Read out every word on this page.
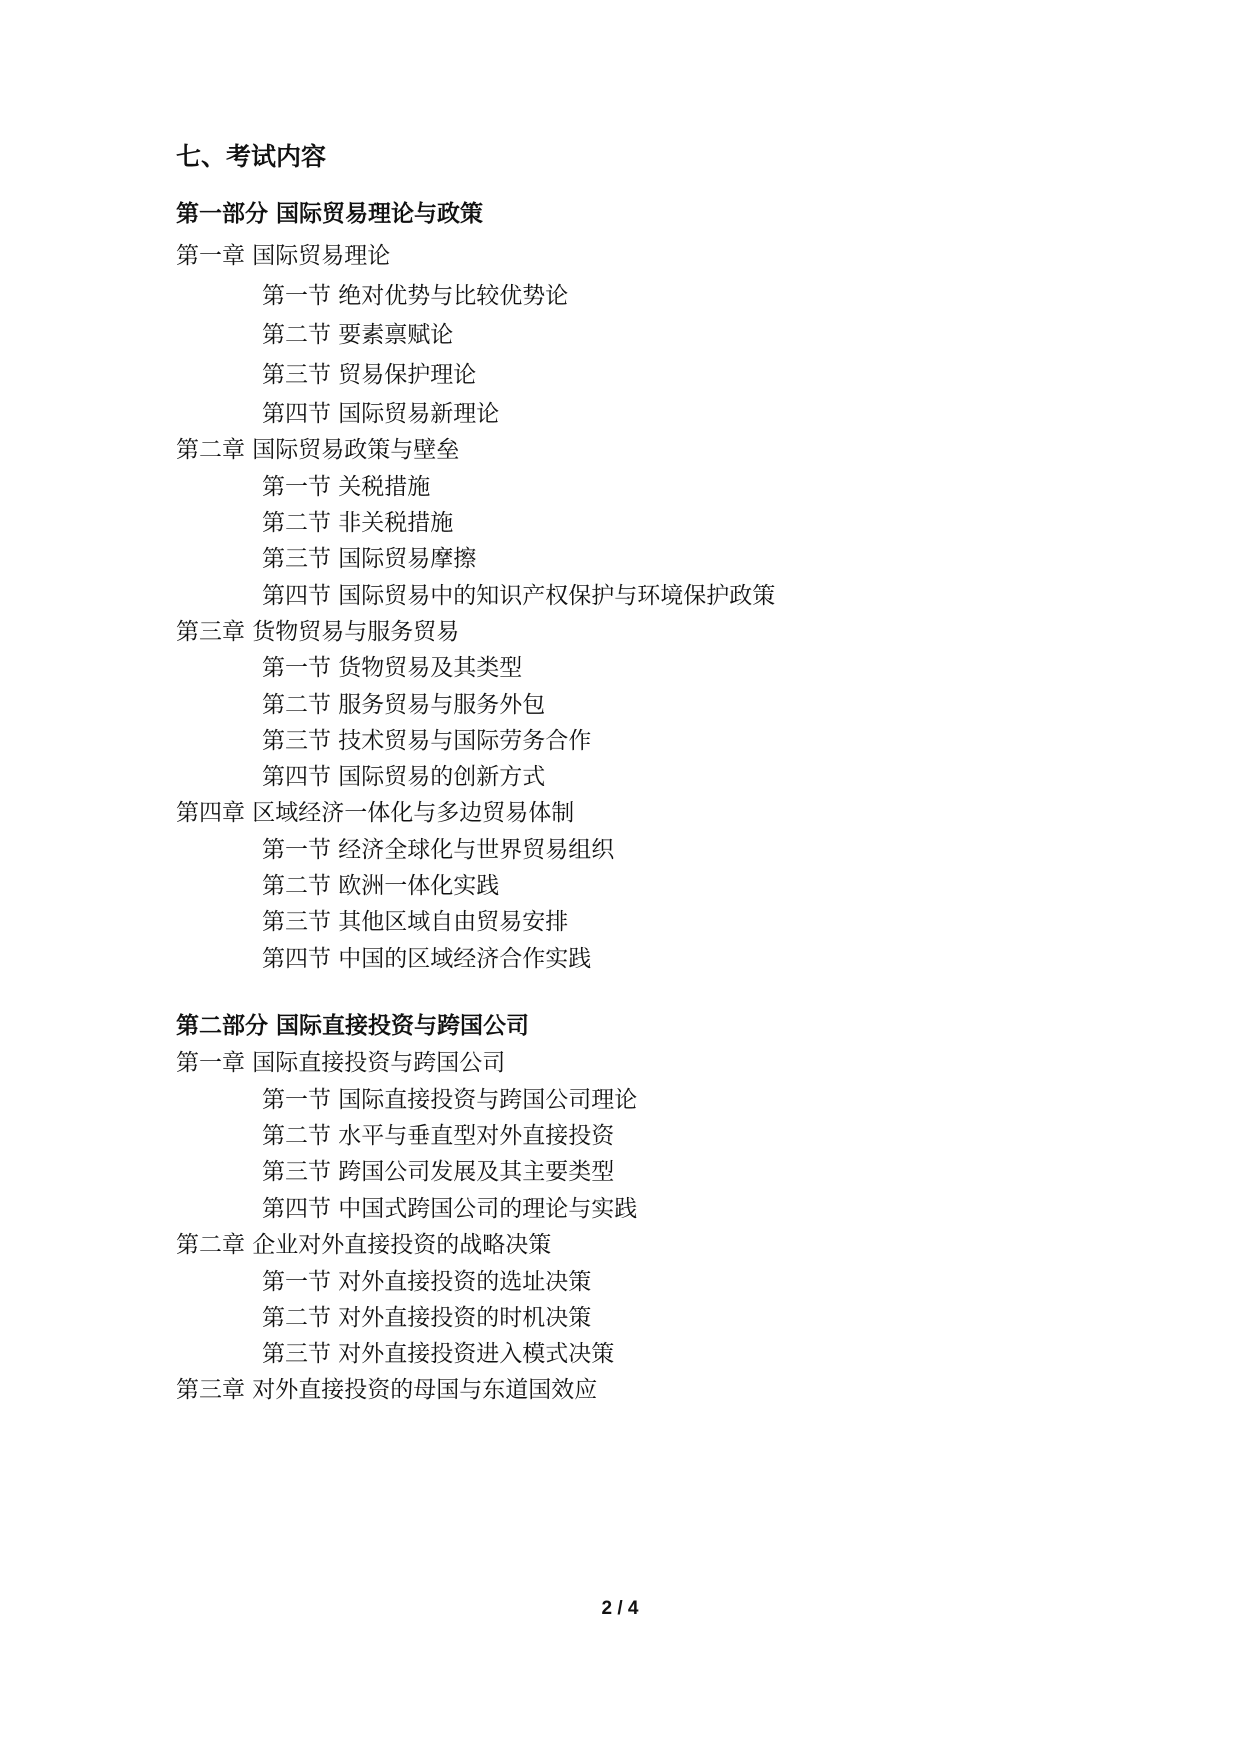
七、考试内容
第一部分 国际贸易理论与政策
第一章 国际贸易理论
第一节 绝对优势与比较优势论
第二节 要素禀赋论
第三节 贸易保护理论
第四节 国际贸易新理论
第二章 国际贸易政策与壁垒
第一节 关税措施
第二节 非关税措施
第三节 国际贸易摩擦
第四节 国际贸易中的知识产权保护与环境保护政策
第三章 货物贸易与服务贸易
第一节 货物贸易及其类型
第二节 服务贸易与服务外包
第三节 技术贸易与国际劳务合作
第四节 国际贸易的创新方式
第四章 区域经济一体化与多边贸易体制
第一节 经济全球化与世界贸易组织
第二节 欧洲一体化实践
第三节 其他区域自由贸易安排
第四节 中国的区域经济合作实践
第二部分 国际直接投资与跨国公司
第一章 国际直接投资与跨国公司
第一节 国际直接投资与跨国公司理论
第二节 水平与垂直型对外直接投资
第三节 跨国公司发展及其主要类型
第四节 中国式跨国公司的理论与实践
第二章 企业对外直接投资的战略决策
第一节 对外直接投资的选址决策
第二节 对外直接投资的时机决策
第三节 对外直接投资进入模式决策
第三章 对外直接投资的母国与东道国效应
2 / 4
